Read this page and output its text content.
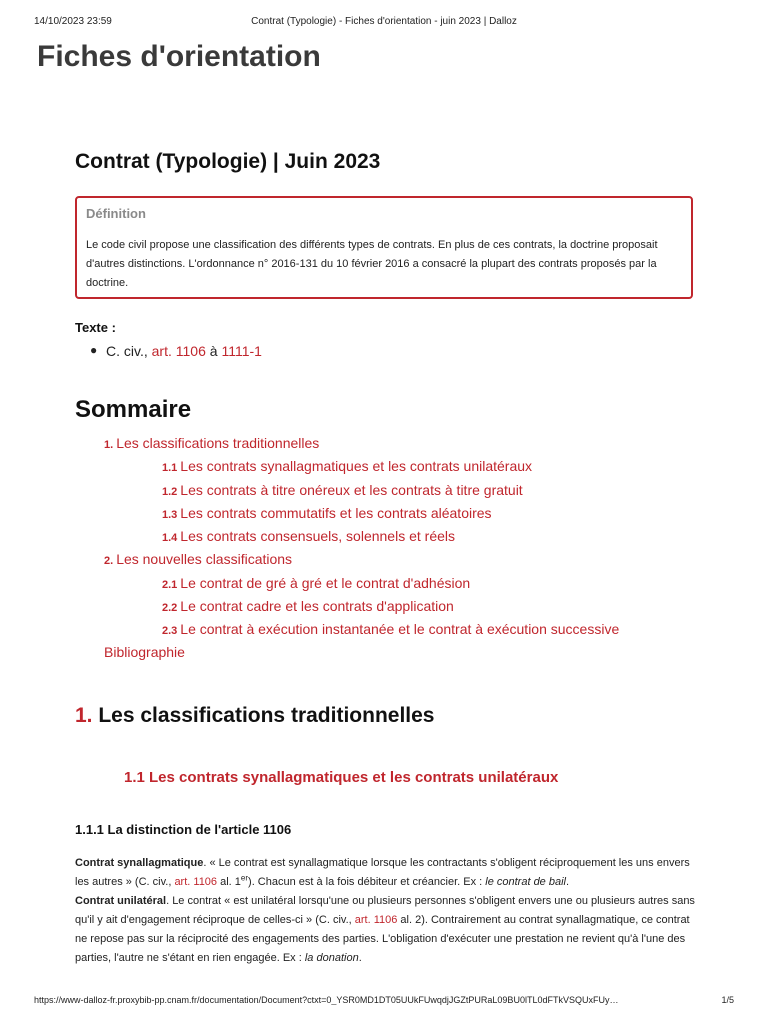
14/10/2023 23:59	Contrat (Typologie) - Fiches d'orientation - juin 2023 | Dalloz
Fiches d'orientation
Contrat (Typologie) | Juin 2023
Définition

Le code civil propose une classification des différents types de contrats. En plus de ces contrats, la doctrine proposait d'autres distinctions. L'ordonnance n° 2016-131 du 10 février 2016 a consacré la plupart des contrats proposés par la doctrine.

Texte :
● C. civ., art. 1106 à 1111-1
Sommaire
1. Les classifications traditionnelles
1.1 Les contrats synallagmatiques et les contrats unilatéraux
1.2 Les contrats à titre onéreux et les contrats à titre gratuit
1.3 Les contrats commutatifs et les contrats aléatoires
1.4 Les contrats consensuels, solennels et réels
2. Les nouvelles classifications
2.1 Le contrat de gré à gré et le contrat d'adhésion
2.2 Le contrat cadre et les contrats d'application
2.3 Le contrat à exécution instantanée et le contrat à exécution successive
Bibliographie
1. Les classifications traditionnelles
1.1 Les contrats synallagmatiques et les contrats unilatéraux
1.1.1 La distinction de l'article 1106

Contrat synallagmatique. « Le contrat est synallagmatique lorsque les contractants s'obligent réciproquement les uns envers les autres » (C. civ., art. 1106 al. 1er). Chacun est à la fois débiteur et créancier. Ex : le contrat de bail.
Contrat unilatéral. Le contrat « est unilatéral lorsqu'une ou plusieurs personnes s'obligent envers une ou plusieurs autres sans qu'il y ait d'engagement réciproque de celles-ci » (C. civ., art. 1106 al. 2). Contrairement au contrat synallagmatique, ce contrat ne repose pas sur la réciprocité des engagements des parties. L'obligation d'exécuter une prestation ne revient qu'à l'une des parties, l'autre ne s'étant en rien engagée. Ex : la donation.

https://www-dalloz-fr.proxybib-pp.cnam.fr/documentation/Document?ctxt=0_YSR0MD1DT05UUkFUwqdjJGZtPURaL09BU0lTL0dFTkVSQUxFUy…	1/5
